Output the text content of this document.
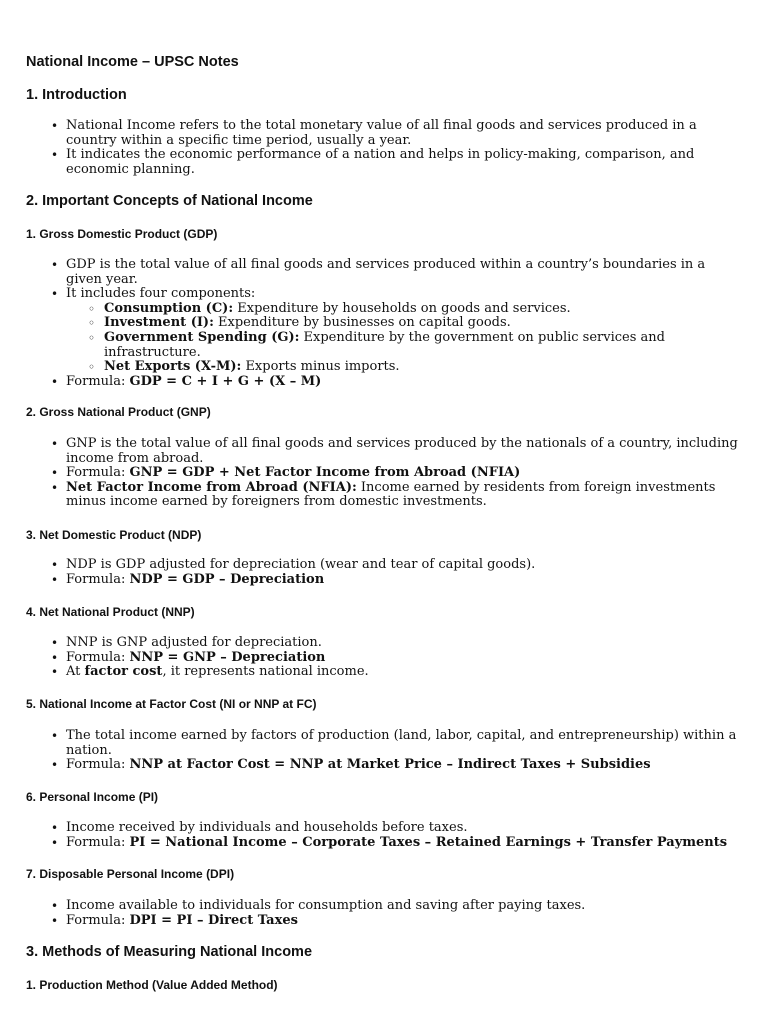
National Income – UPSC Notes
1. Introduction
• National Income refers to the total monetary value of all final goods and services produced in a country within a specific time period, usually a year.
• It indicates the economic performance of a nation and helps in policy-making, comparison, and economic planning.
2. Important Concepts of National Income
1. Gross Domestic Product (GDP)
• GDP is the total value of all final goods and services produced within a country’s boundaries in a given year.
• It includes four components:
◦ Consumption (C): Expenditure by households on goods and services.
◦ Investment (I): Expenditure by businesses on capital goods.
◦ Government Spending (G): Expenditure by the government on public services and infrastructure.
◦ Net Exports (X-M): Exports minus imports.
• Formula: GDP = C + I + G + (X – M)
2. Gross National Product (GNP)
• GNP is the total value of all final goods and services produced by the nationals of a country, including income from abroad.
• Formula: GNP = GDP + Net Factor Income from Abroad (NFIA)
• Net Factor Income from Abroad (NFIA): Income earned by residents from foreign investments minus income earned by foreigners from domestic investments.
3. Net Domestic Product (NDP)
• NDP is GDP adjusted for depreciation (wear and tear of capital goods).
• Formula: NDP = GDP – Depreciation
4. Net National Product (NNP)
• NNP is GNP adjusted for depreciation.
• Formula: NNP = GNP – Depreciation
• At factor cost, it represents national income.
5. National Income at Factor Cost (NI or NNP at FC)
• The total income earned by factors of production (land, labor, capital, and entrepreneurship) within a nation.
• Formula: NNP at Factor Cost = NNP at Market Price – Indirect Taxes + Subsidies
6. Personal Income (PI)
• Income received by individuals and households before taxes.
• Formula: PI = National Income – Corporate Taxes – Retained Earnings + Transfer Payments
7. Disposable Personal Income (DPI)
• Income available to individuals for consumption and saving after paying taxes.
• Formula: DPI = PI – Direct Taxes
3. Methods of Measuring National Income
1. Production Method (Value Added Method)
